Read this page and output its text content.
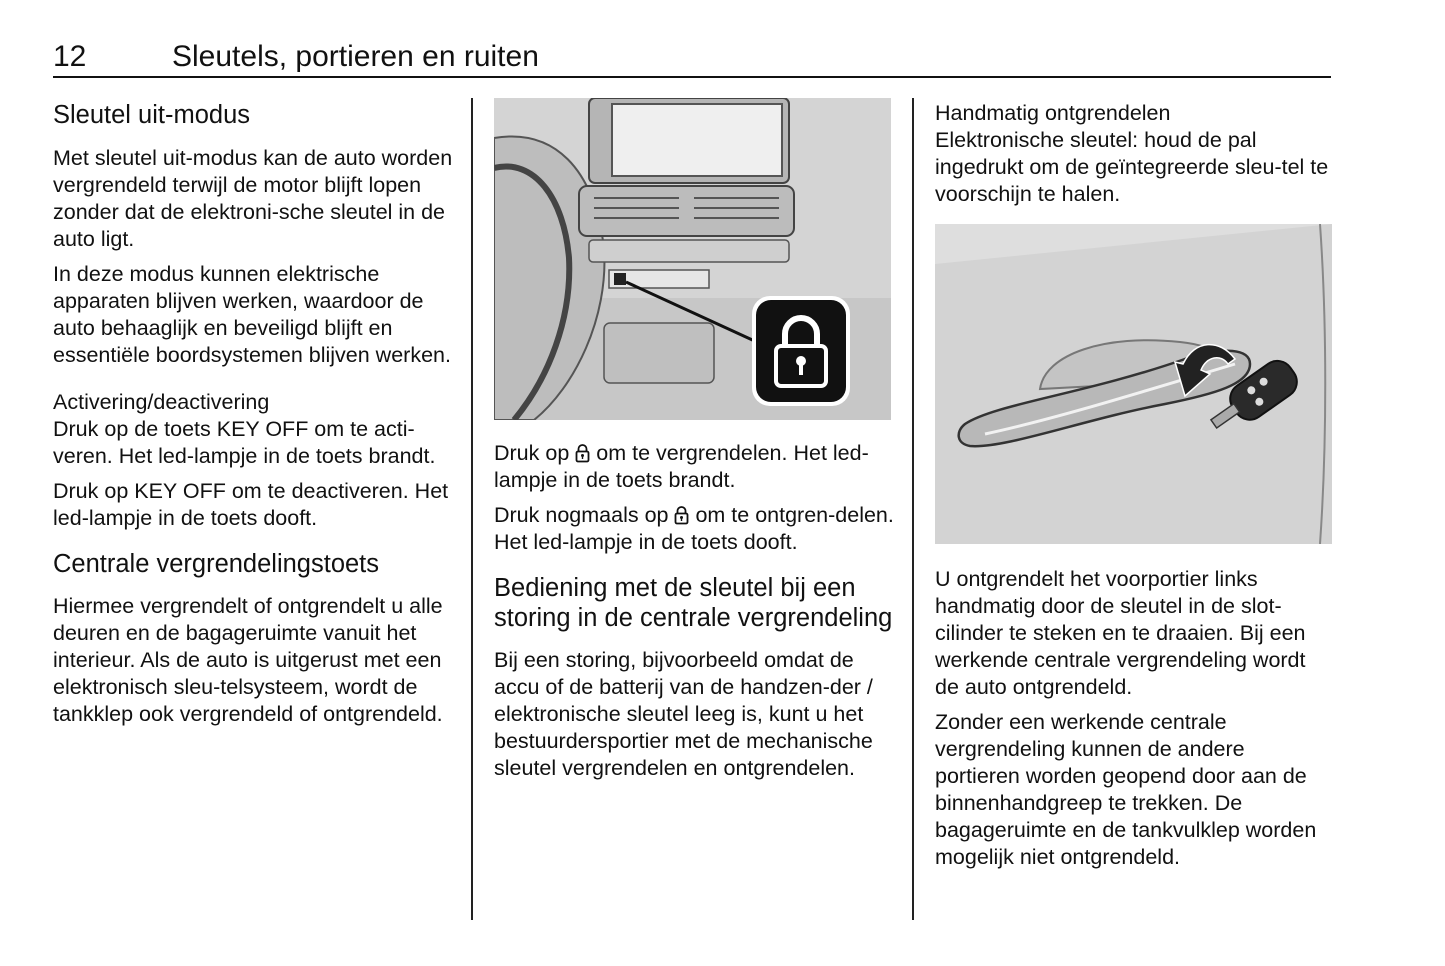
12	Sleutels, portieren en ruiten
Sleutel uit-modus

Met sleutel uit-modus kan de auto worden vergrendeld terwijl de motor blijft lopen zonder dat de elektroni-sche sleutel in de auto ligt.

In deze modus kunnen elektrische apparaten blijven werken, waardoor de auto behaaglijk en beveiligd blijft en essentiële boordsystemen blijven werken.

Activering/deactivering

Druk op de toets KEY OFF om te acti-veren. Het led-lampje in de toets brandt.

Druk op KEY OFF om te deactiveren. Het led-lampje in de toets dooft.

Centrale vergrendelingstoets

Hiermee vergrendelt of ontgrendelt u alle deuren en de bagageruimte vanuit het interieur. Als de auto is uitgerust met een elektronisch sleu-telsysteem, wordt de tankklep ook vergrendeld of ontgrendeld.

Druk op om te vergrendelen. Het led-lampje in de toets brandt.

Druk nogmaals op om te ontgren-delen. Het led-lampje in de toets dooft.

Bediening met de sleutel bij een storing in de centrale vergrendeling

Bij een storing, bijvoorbeeld omdat de accu of de batterij van de handzen-der / elektronische sleutel leeg is, kunt u het bestuurdersportier met de mechanische sleutel vergrendelen en ontgrendelen.

Handmatig ontgrendelen

Elektronische sleutel: houd de pal ingedrukt om de geïntegreerde sleu-tel te voorschijn te halen.

U ontgrendelt het voorportier links handmatig door de sleutel in de slot-cilinder te steken en te draaien. Bij een werkende centrale vergrendeling wordt de auto ontgrendeld.

Zonder een werkende centrale vergrendeling kunnen de andere portieren worden geopend door aan de binnenhandgreep te trekken. De bagageruimte en de tankvulklep worden mogelijk niet ontgrendeld.
